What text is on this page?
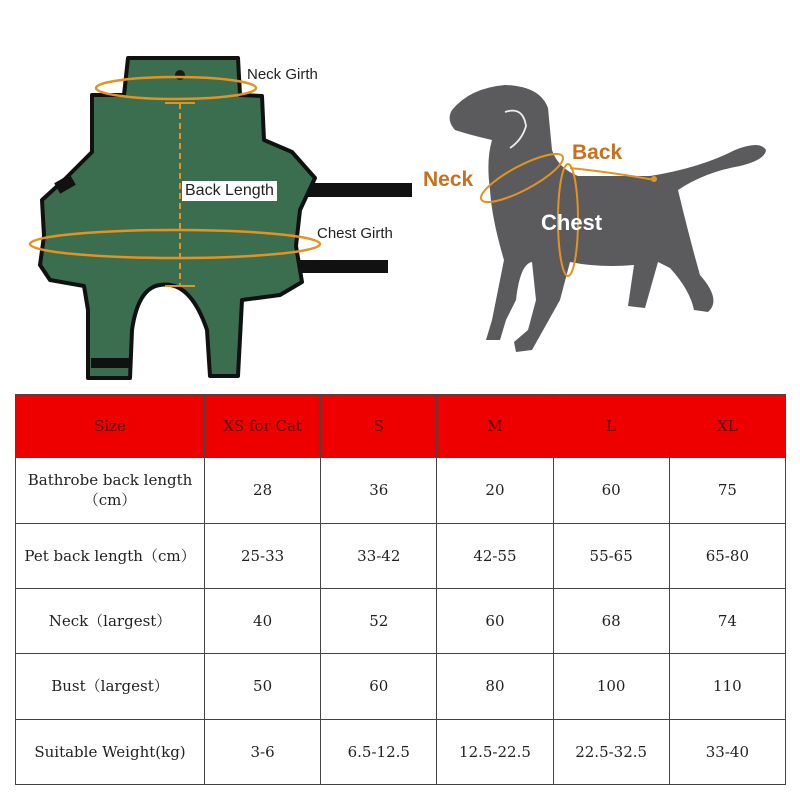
Neck Girth
Back Length
Chest Girth
Neck
Back
Chest
Size	XS for Cat	S	M	L	XL
Bathrobe back length（cm）	28	36	20	60	75
Pet back length（cm）	25-33	33-42	42-55	55-65	65-80
Neck（largest）	40	52	60	68	74
Bust（largest）	50	60	80	100	110
Suitable Weight(kg)	3-6	6.5-12.5	12.5-22.5	22.5-32.5	33-40
